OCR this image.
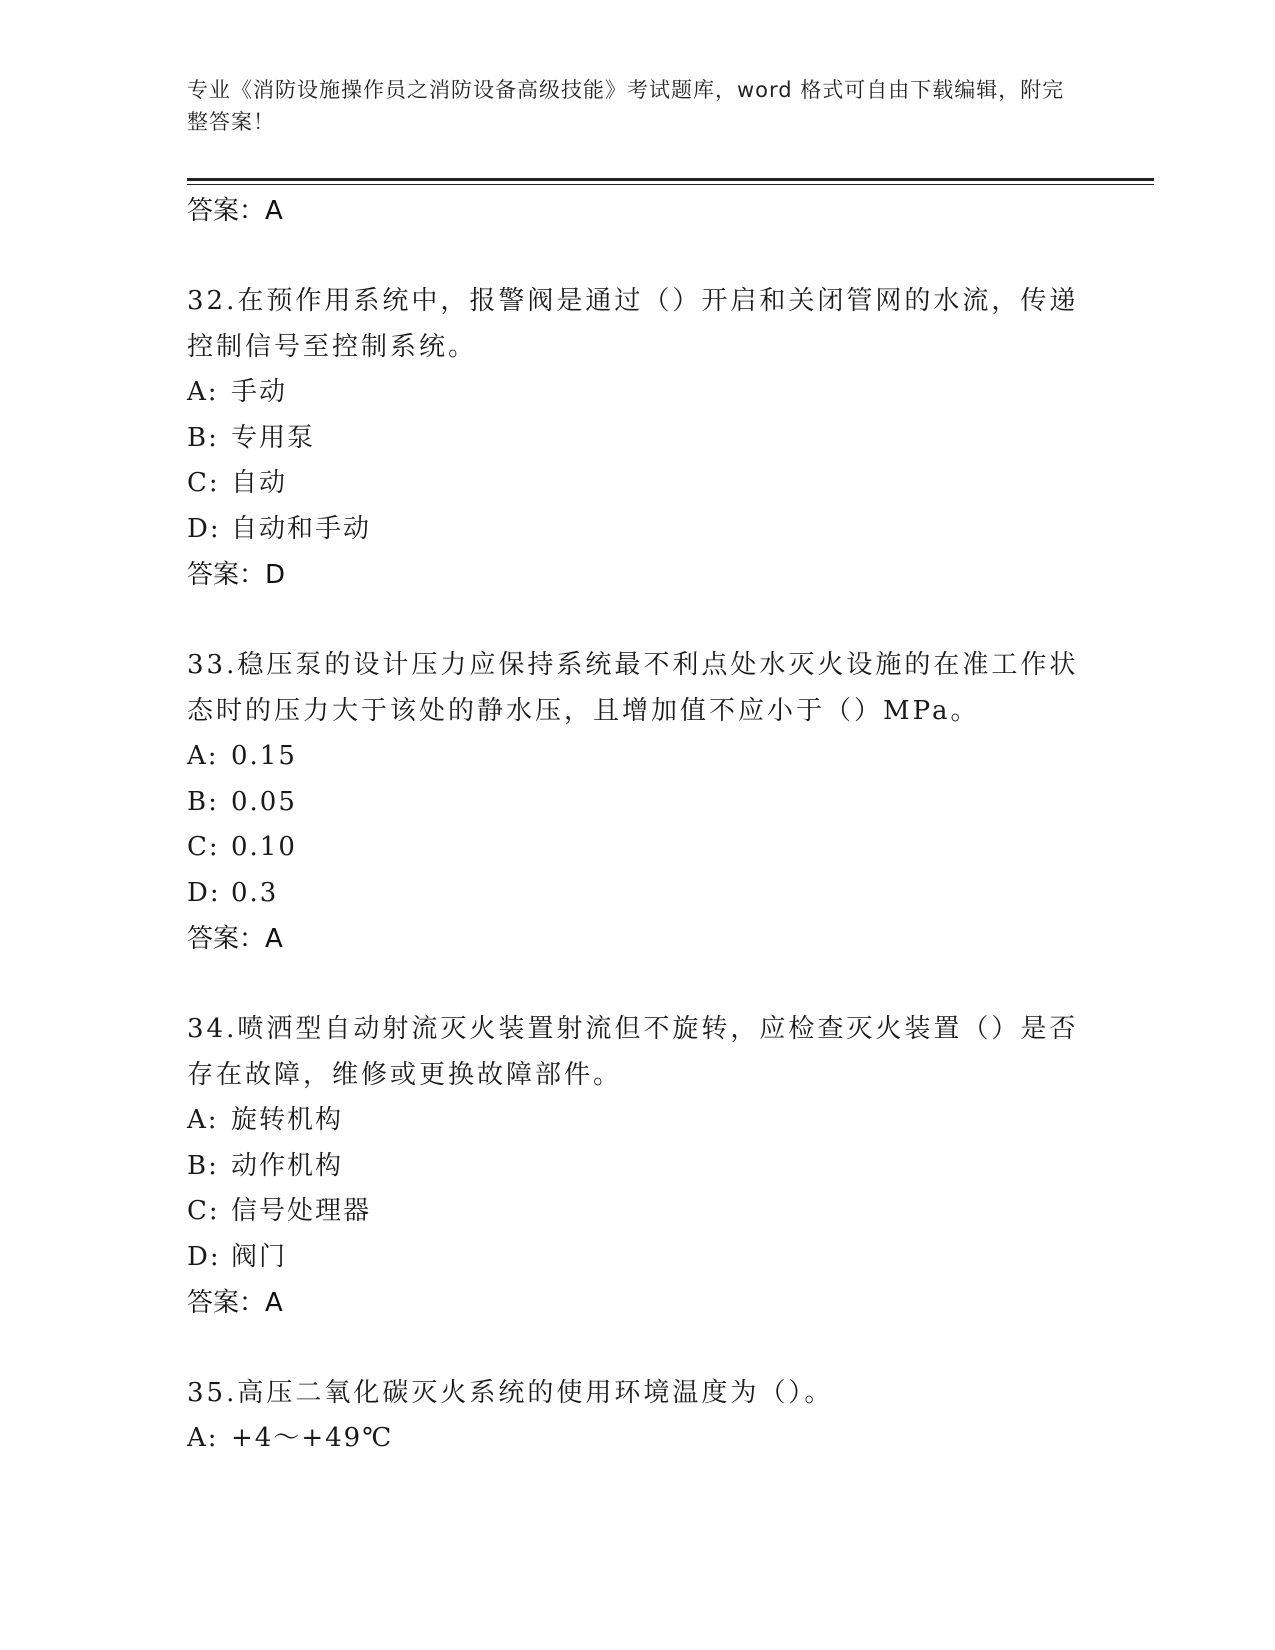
专业《消防设施操作员之消防设备高级技能》考试题库，word 格式可自由下载编辑，附完整答案！

答案：A

32.在预作用系统中，报警阀是通过（）开启和关闭管网的水流，传递控制信号至控制系统。

A: 手动

B: 专用泵

C: 自动

D: 自动和手动

答案：D

33.稳压泵的设计压力应保持系统最不利点处水灭火设施的在准工作状态时的压力大于该处的静水压，且增加值不应小于（）MPa。

A: 0.15

B: 0.05

C: 0.10

D: 0.3

答案：A

34.喷洒型自动射流灭火装置射流但不旋转，应检查灭火装置（）是否存在故障，维修或更换故障部件。

A: 旋转机构

B: 动作机构

C: 信号处理器

D: 阀门

答案：A

35.高压二氧化碳灭火系统的使用环境温度为（）。

A: +4～+49℃
